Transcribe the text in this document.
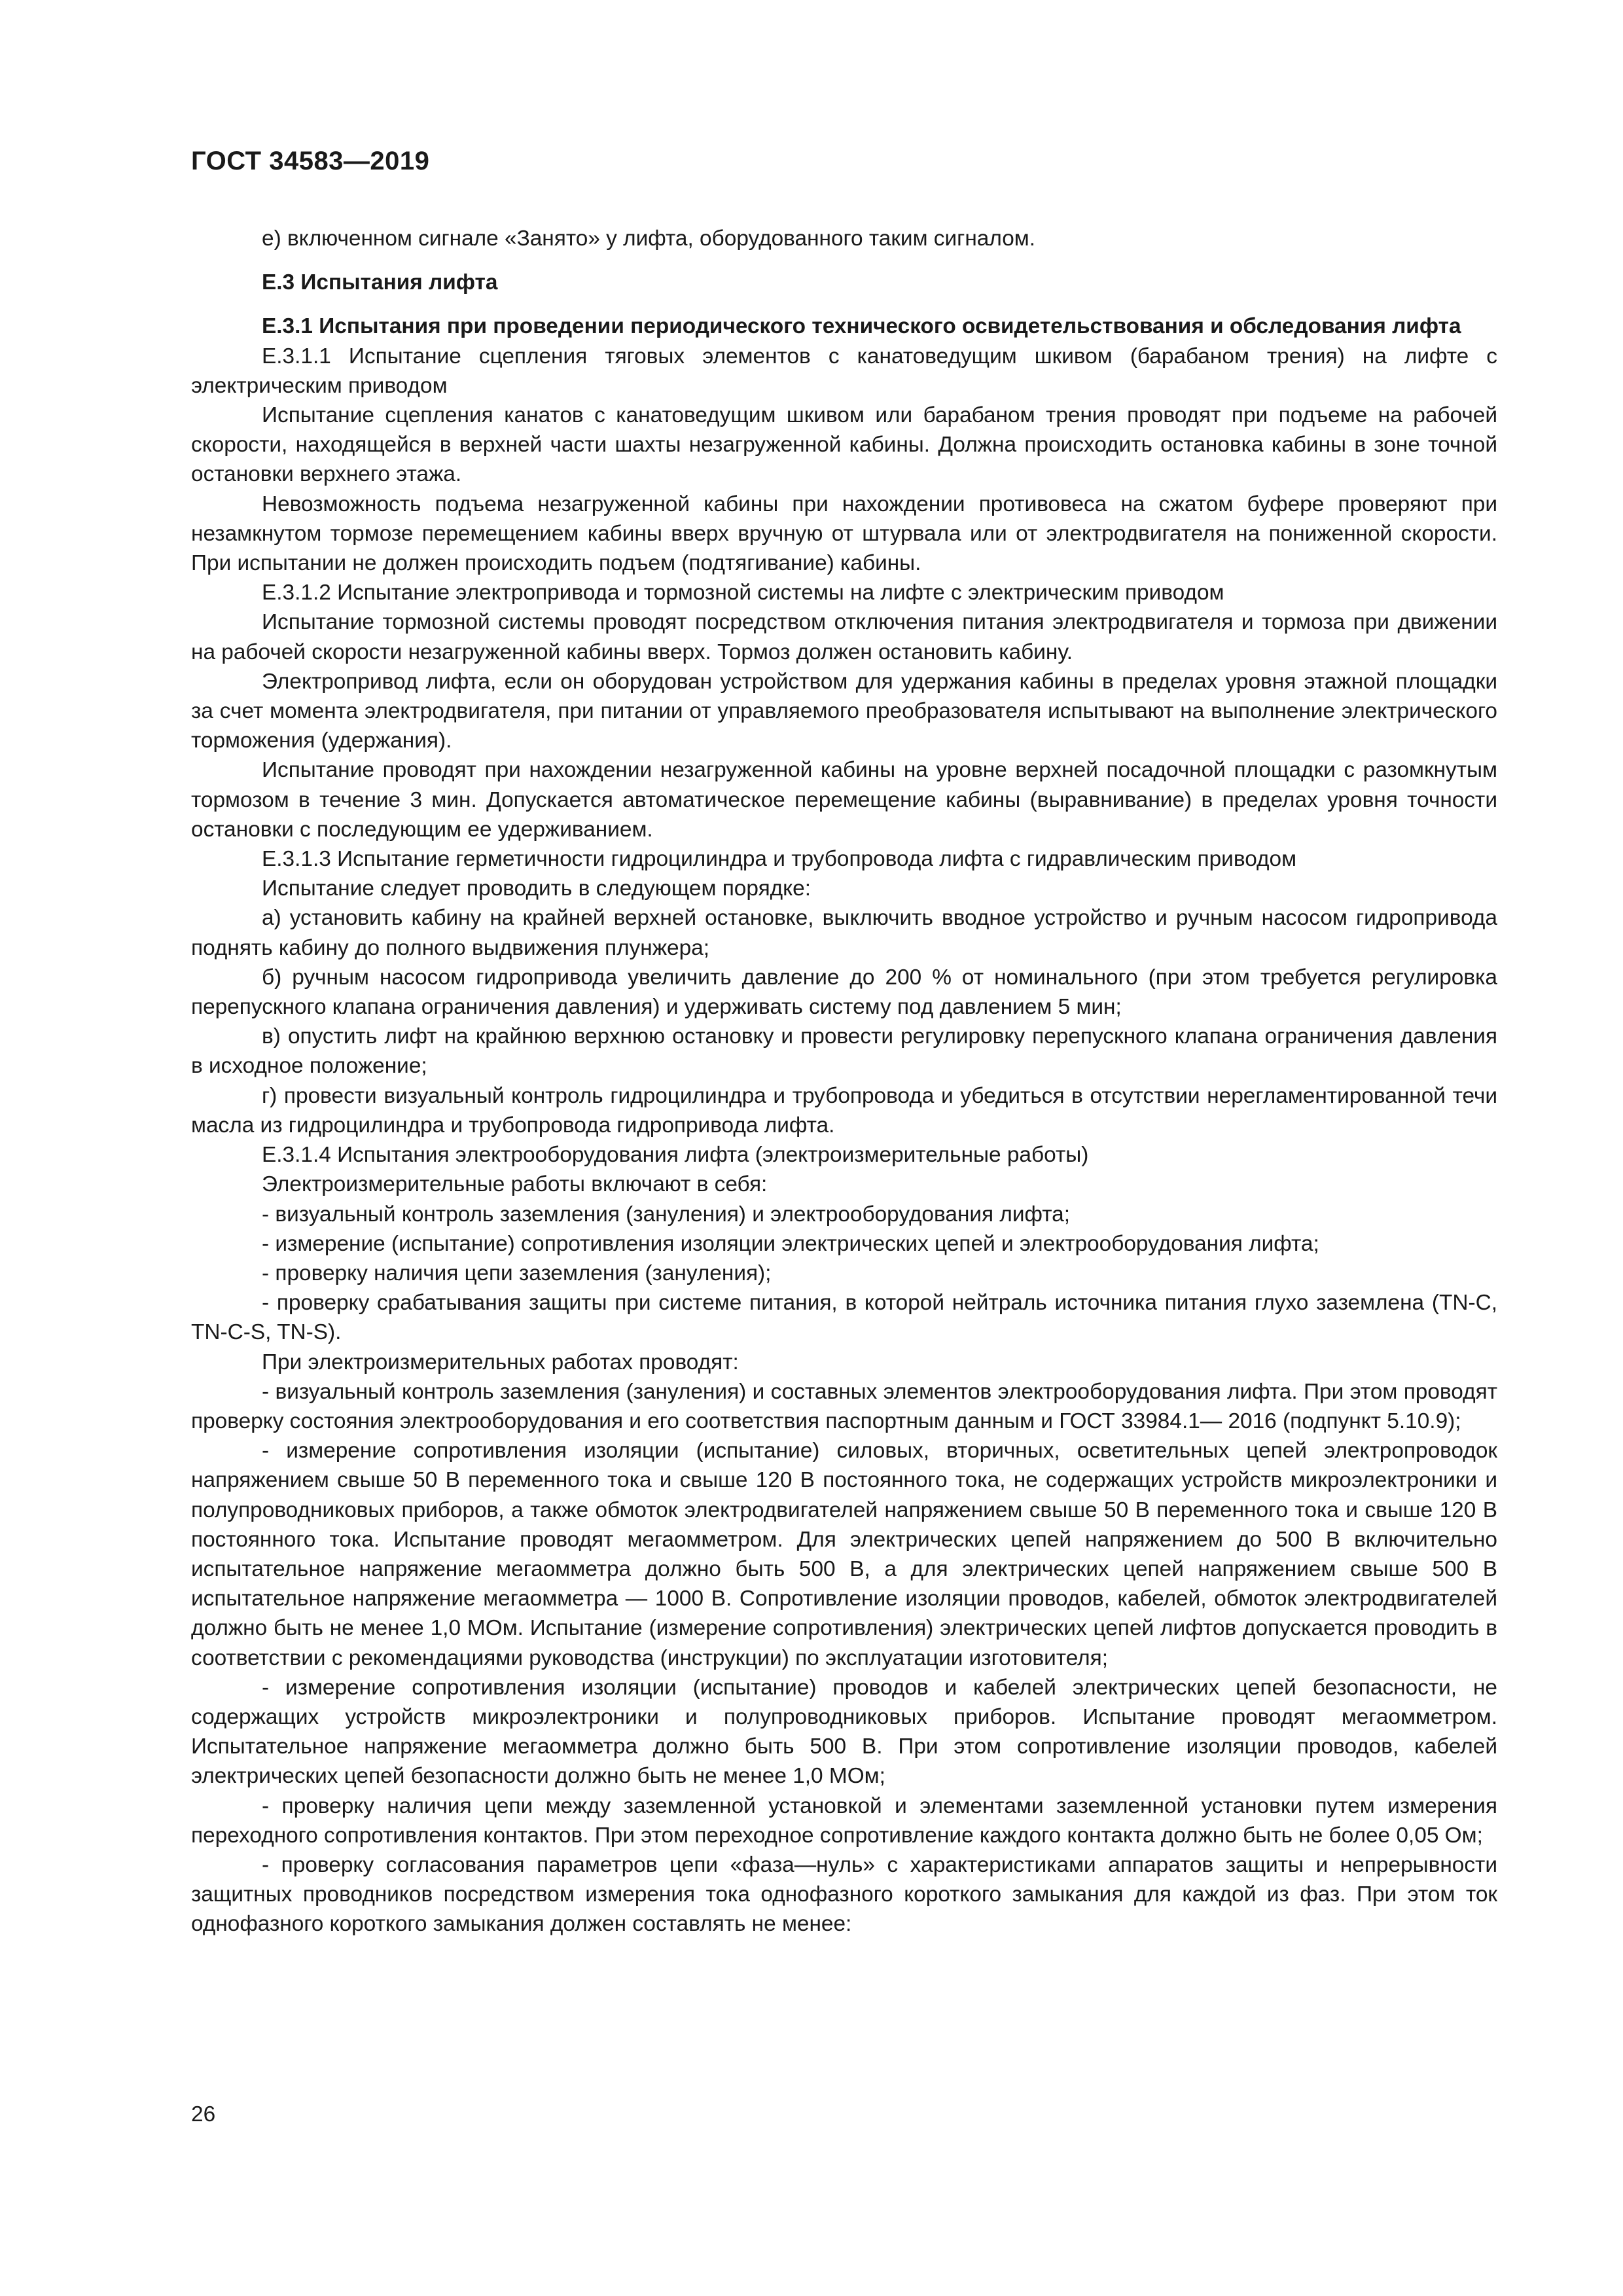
ГОСТ 34583—2019

е) включенном сигнале «Занято» у лифта, оборудованного таким сигналом.

Е.3 Испытания лифта

Е.3.1 Испытания при проведении периодического технического освидетельствования и обследования лифта

Е.3.1.1 Испытание сцепления тяговых элементов с канатоведущим шкивом (барабаном трения) на лифте с электрическим приводом

Испытание сцепления канатов с канатоведущим шкивом или барабаном трения проводят при подъеме на рабочей скорости, находящейся в верхней части шахты незагруженной кабины. Должна происходить остановка кабины в зоне точной остановки верхнего этажа.

Невозможность подъема незагруженной кабины при нахождении противовеса на сжатом буфере проверяют при незамкнутом тормозе перемещением кабины вверх вручную от штурвала или от электродвигателя на пониженной скорости. При испытании не должен происходить подъем (подтягивание) кабины.

Е.3.1.2 Испытание электропривода и тормозной системы на лифте с электрическим приводом

Испытание тормозной системы проводят посредством отключения питания электродвигателя и тормоза при движении на рабочей скорости незагруженной кабины вверх. Тормоз должен остановить кабину.

Электропривод лифта, если он оборудован устройством для удержания кабины в пределах уровня этажной площадки за счет момента электродвигателя, при питании от управляемого преобразователя испытывают на выполнение электрического торможения (удержания).

Испытание проводят при нахождении незагруженной кабины на уровне верхней посадочной площадки с разомкнутым тормозом в течение 3 мин. Допускается автоматическое перемещение кабины (выравнивание) в пределах уровня точности остановки с последующим ее удерживанием.

Е.3.1.3 Испытание герметичности гидроцилиндра и трубопровода лифта с гидравлическим приводом

Испытание следует проводить в следующем порядке:

а) установить кабину на крайней верхней остановке, выключить вводное устройство и ручным насосом гидропривода поднять кабину до полного выдвижения плунжера;

б) ручным насосом гидропривода увеличить давление до 200 % от номинального (при этом требуется регулировка перепускного клапана ограничения давления) и удерживать систему под давлением 5 мин;

в) опустить лифт на крайнюю верхнюю остановку и провести регулировку перепускного клапана ограничения давления в исходное положение;

г) провести визуальный контроль гидроцилиндра и трубопровода и убедиться в отсутствии нерегламентированной течи масла из гидроцилиндра и трубопровода гидропривода лифта.

Е.3.1.4 Испытания электрооборудования лифта (электроизмерительные работы)

Электроизмерительные работы включают в себя:

- визуальный контроль заземления (зануления) и электрооборудования лифта;

- измерение (испытание) сопротивления изоляции электрических цепей и электрооборудования лифта;

- проверку наличия цепи заземления (зануления);

- проверку срабатывания защиты при системе питания, в которой нейтраль источника питания глухо заземлена (TN-C, TN-C-S, TN-S).

При электроизмерительных работах проводят:

- визуальный контроль заземления (зануления) и составных элементов электрооборудования лифта. При этом проводят проверку состояния электрооборудования и его соответствия паспортным данным и ГОСТ 33984.1— 2016 (подпункт 5.10.9);

- измерение сопротивления изоляции (испытание) силовых, вторичных, осветительных цепей электропроводок напряжением свыше 50 В переменного тока и свыше 120 В постоянного тока, не содержащих устройств микроэлектроники и полупроводниковых приборов, а также обмоток электродвигателей напряжением свыше 50 В переменного тока и свыше 120 В постоянного тока. Испытание проводят мегаомметром. Для электрических цепей напряжением до 500 В включительно испытательное напряжение мегаомметра должно быть 500 В, а для электрических цепей напряжением свыше 500 В испытательное напряжение мегаомметра — 1000 В. Сопротивление изоляции проводов, кабелей, обмоток электродвигателей должно быть не менее 1,0 МОм. Испытание (измерение сопротивления) электрических цепей лифтов допускается проводить в соответствии с рекомендациями руководства (инструкции) по эксплуатации изготовителя;

- измерение сопротивления изоляции (испытание) проводов и кабелей электрических цепей безопасности, не содержащих устройств микроэлектроники и полупроводниковых приборов. Испытание проводят мегаомметром. Испытательное напряжение мегаомметра должно быть 500 В. При этом сопротивление изоляции проводов, кабелей электрических цепей безопасности должно быть не менее 1,0 МОм;

- проверку наличия цепи между заземленной установкой и элементами заземленной установки путем измерения переходного сопротивления контактов. При этом переходное сопротивление каждого контакта должно быть не более 0,05 Ом;

- проверку согласования параметров цепи «фаза—нуль» с характеристиками аппаратов защиты и непрерывности защитных проводников посредством измерения тока однофазного короткого замыкания для каждой из фаз. При этом ток однофазного короткого замыкания должен составлять не менее:

26
